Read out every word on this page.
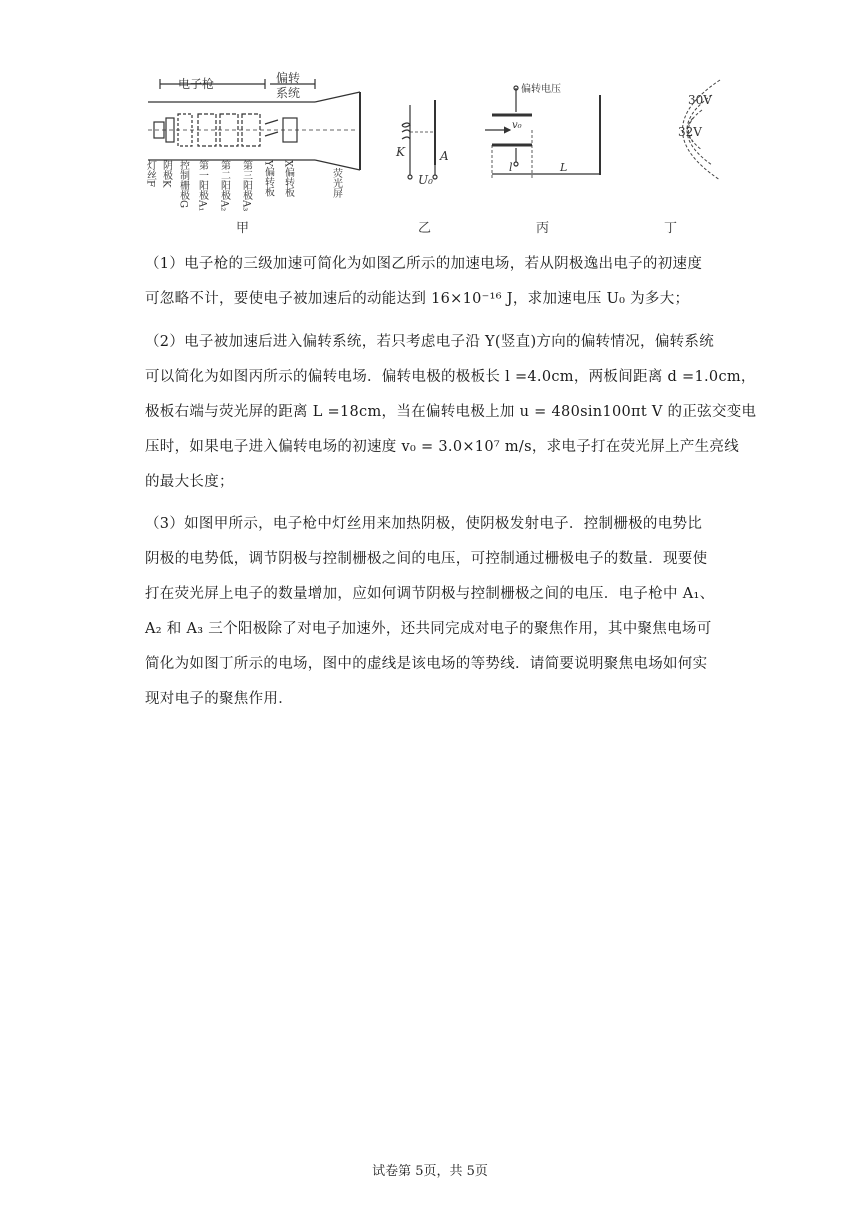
电子枪	偏转
系统
灯丝F 阴极K 控制栅极G 第一阳极A₁ 第二阳极A₂ 第三阳极A₃ Y偏转板 X偏转板	荧光屏
甲
K	A
U₀
乙
偏转电压
v₀
l	L
丙
30V
32V
丁
（1）电子枪的三级加速可简化为如图乙所示的加速电场，若从阴极逸出电子的初速度
可忽略不计，要使电子被加速后的动能达到 16×10⁻¹⁶ J，求加速电压 U₀ 为多大；
（2）电子被加速后进入偏转系统，若只考虑电子沿 Y(竖直)方向的偏转情况，偏转系统
可以简化为如图丙所示的偏转电场．偏转电极的极板长 l =4.0cm，两板间距离 d =1.0cm，
极板右端与荧光屏的距离 L =18cm，当在偏转电极上加 u = 480sin100πt V 的正弦交变电
压时，如果电子进入偏转电场的初速度 v₀ = 3.0×10⁷ m/s，求电子打在荧光屏上产生亮线
的最大长度；
（3）如图甲所示，电子枪中灯丝用来加热阴极，使阴极发射电子．控制栅极的电势比
阴极的电势低，调节阴极与控制栅极之间的电压，可控制通过栅极电子的数量．现要使
打在荧光屏上电子的数量增加，应如何调节阴极与控制栅极之间的电压．电子枪中 A₁、
A₂ 和 A₃ 三个阳极除了对电子加速外，还共同完成对电子的聚焦作用，其中聚焦电场可
简化为如图丁所示的电场，图中的虚线是该电场的等势线．请简要说明聚焦电场如何实
现对电子的聚焦作用．
试卷第 5页，共 5页
